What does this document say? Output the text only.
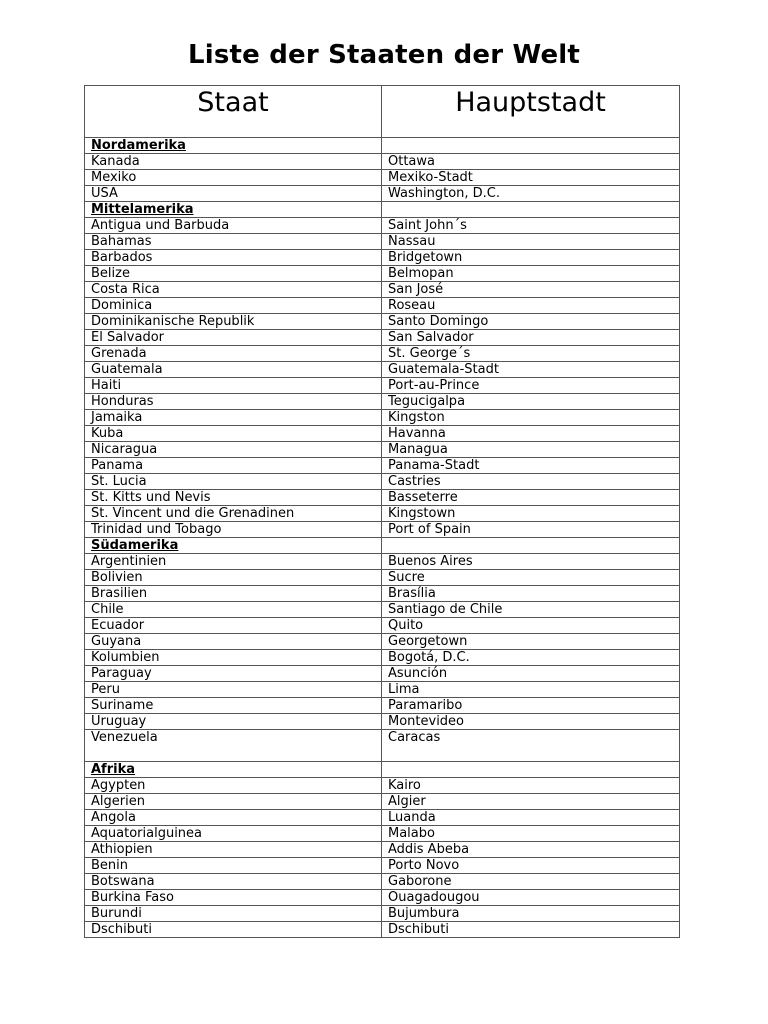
Liste der Staaten der Welt
Staat	Hauptstadt
Nordamerika	
Kanada	Ottawa
Mexiko	Mexiko-Stadt
USA	Washington, D.C.
Mittelamerika	
Antigua und Barbuda	Saint John´s
Bahamas	Nassau
Barbados	Bridgetown
Belize	Belmopan
Costa Rica	San José
Dominica	Roseau
Dominikanische Republik	Santo Domingo
El Salvador	San Salvador
Grenada	St. George´s
Guatemala	Guatemala-Stadt
Haiti	Port-au-Prince
Honduras	Tegucigalpa
Jamaika	Kingston
Kuba	Havanna
Nicaragua	Managua
Panama	Panama-Stadt
St. Lucia	Castries
St. Kitts und Nevis	Basseterre
St. Vincent und die Grenadinen	Kingstown
Trinidad und Tobago	Port of Spain
Südamerika	
Argentinien	Buenos Aires
Bolivien	Sucre
Brasilien	Brasília
Chile	Santiago de Chile
Ecuador	Quito
Guyana	Georgetown
Kolumbien	Bogotá, D.C.
Paraguay	Asunción
Peru	Lima
Suriname	Paramaribo
Uruguay	Montevideo
Venezuela	Caracas
Afrika	
Ägypten	Kairo
Algerien	Algier
Angola	Luanda
Äquatorialguinea	Malabo
Äthiopien	Addis Abeba
Benin	Porto Novo
Botswana	Gaborone
Burkina Faso	Ouagadougou
Burundi	Bujumbura
Dschibuti	Dschibuti
